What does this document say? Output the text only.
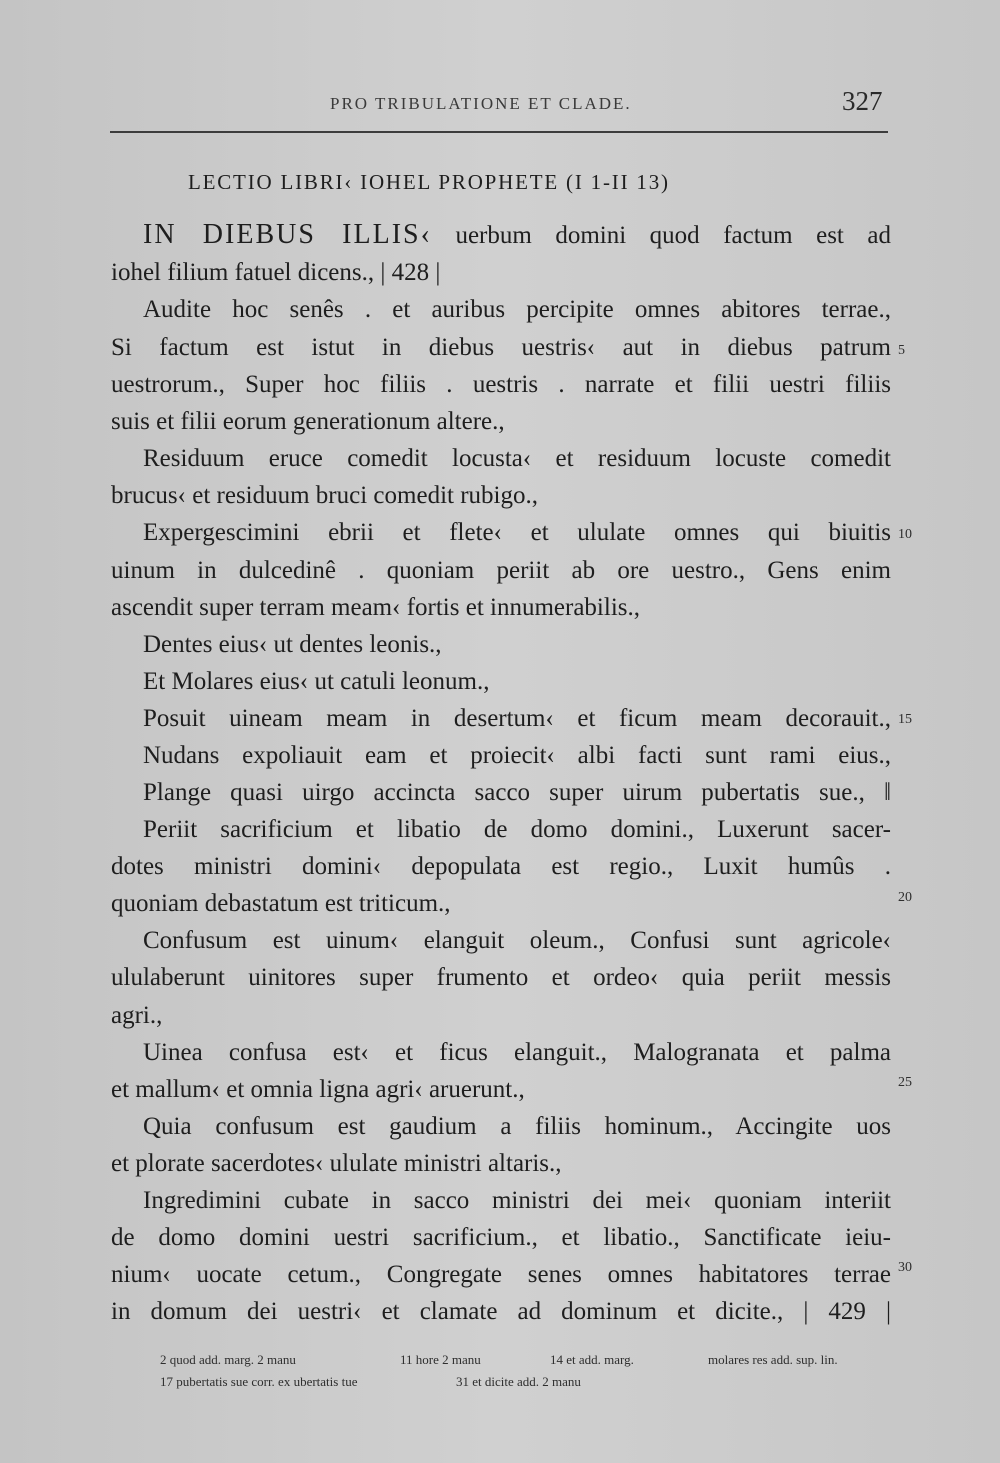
PRO TRIBULATIONE ET CLADE.	327
LECTIO LIBRI‹ IOHEL PROPHETE (I 1-II 13)
IN DIEBUS ILLIS‹ uerbum domini quod factum est ad
iohel filium fatuel dicens., | 428 |
Audite hoc senês . et auribus percipite omnes abitores terrae.,
Si factum est istut in diebus uestris‹ aut in diebus patrum
uestrorum., Super hoc filiis . uestris . narrate et filii uestri filiis
suis et filii eorum generationum altere.,
Residuum eruce comedit locusta‹ et residuum locuste comedit
brucus‹ et residuum bruci comedit rubigo.,
Expergescimini ebrii et flete‹ et ululate omnes qui biuitis
uinum in dulcedinê . quoniam periit ab ore uestro., Gens enim
ascendit super terram meam‹ fortis et innumerabilis.,
Dentes eius‹ ut dentes leonis.,
Et Molares eius‹ ut catuli leonum.,
Posuit uineam meam in desertum‹ et ficum meam decorauit.,
Nudans expoliauit eam et proiecit‹ albi facti sunt rami eius.,
Plange quasi uirgo accincta sacco super uirum pubertatis sue., ‖
Periit sacrificium et libatio de domo domini., Luxerunt sacer-
dotes ministri domini‹ depopulata est regio., Luxit humûs .
quoniam debastatum est triticum.,
Confusum est uinum‹ elanguit oleum., Confusi sunt agricole‹
ululaberunt uinitores super frumento et ordeo‹ quia periit messis
agri.,
Uinea confusa est‹ et ficus elanguit., Malogranata et palma
et mallum‹ et omnia ligna agri‹ aruerunt.,
Quia confusum est gaudium a filiis hominum., Accingite uos
et plorate sacerdotes‹ ululate ministri altaris.,
Ingredimini cubate in sacco ministri dei mei‹ quoniam interiit
de domo domini uestri sacrificium., et libatio., Sanctificate ieiu-
nium‹ uocate cetum., Congregate senes omnes habitatores terrae
in domum dei uestri‹ et clamate ad dominum et dicite., | 429 |
5
10
15
20
25
30
2 quod add. marg. 2 manu	11 hore 2 manu	14 et add. marg.	molares res add. sup. lin.
17 pubertatis sue corr. ex ubertatis tue	31 et dicite add. 2 manu
